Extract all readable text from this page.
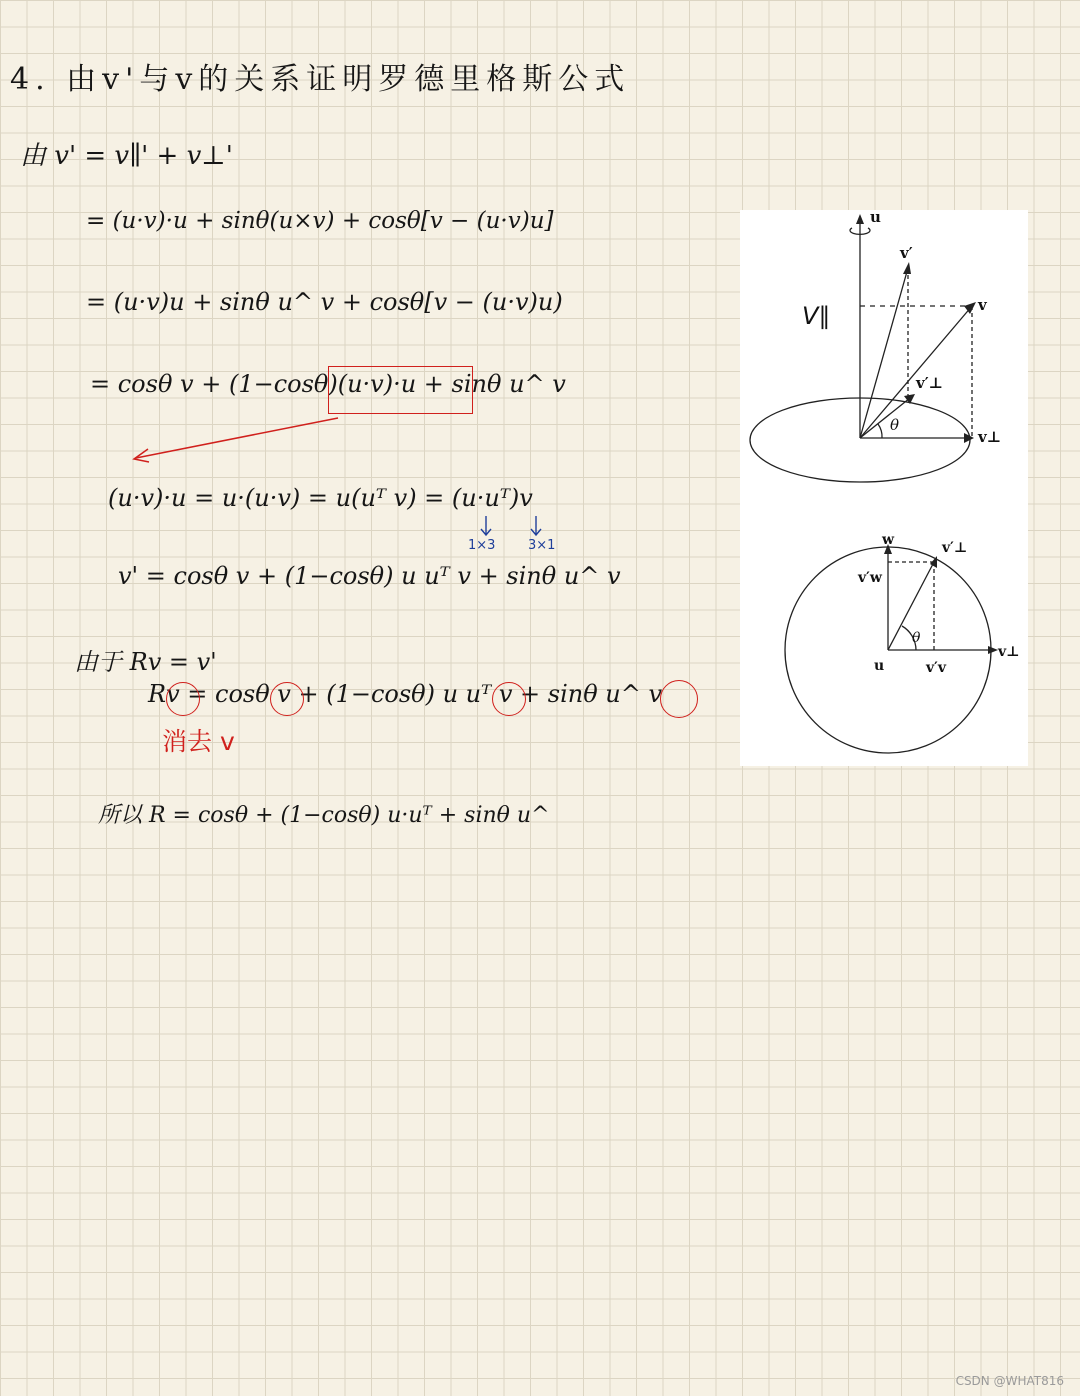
4. 由v'与v的关系证明罗德里格斯公式
由 v' = v∥' + v⊥'
= (u·v)·u + sinθ(u×v) + cosθ[v − (u·v)u]
= (u·v)u + sinθ u^ v + cosθ[v − (u·v)u)
= cosθ v + (1−cosθ)(u·v)·u + sinθ u^ v
(u·v)·u = u·(u·v) = u(uᵀ v) = (u·uᵀ)v
1×3	3×1
v' = cosθ v + (1−cosθ) u uᵀ v + sinθ u^ v
由于 Rv = v'
Rv = cosθ v + (1−cosθ) u uᵀ v + sinθ u^ v
消去 v
所以 R = cosθ + (1−cosθ) u·uᵀ + sinθ u^
u
v′
v
V∥
v′⊥
v⊥
θ
w	v′⊥
v′w
θ
u	v′v
v⊥
CSDN @WHAT816
